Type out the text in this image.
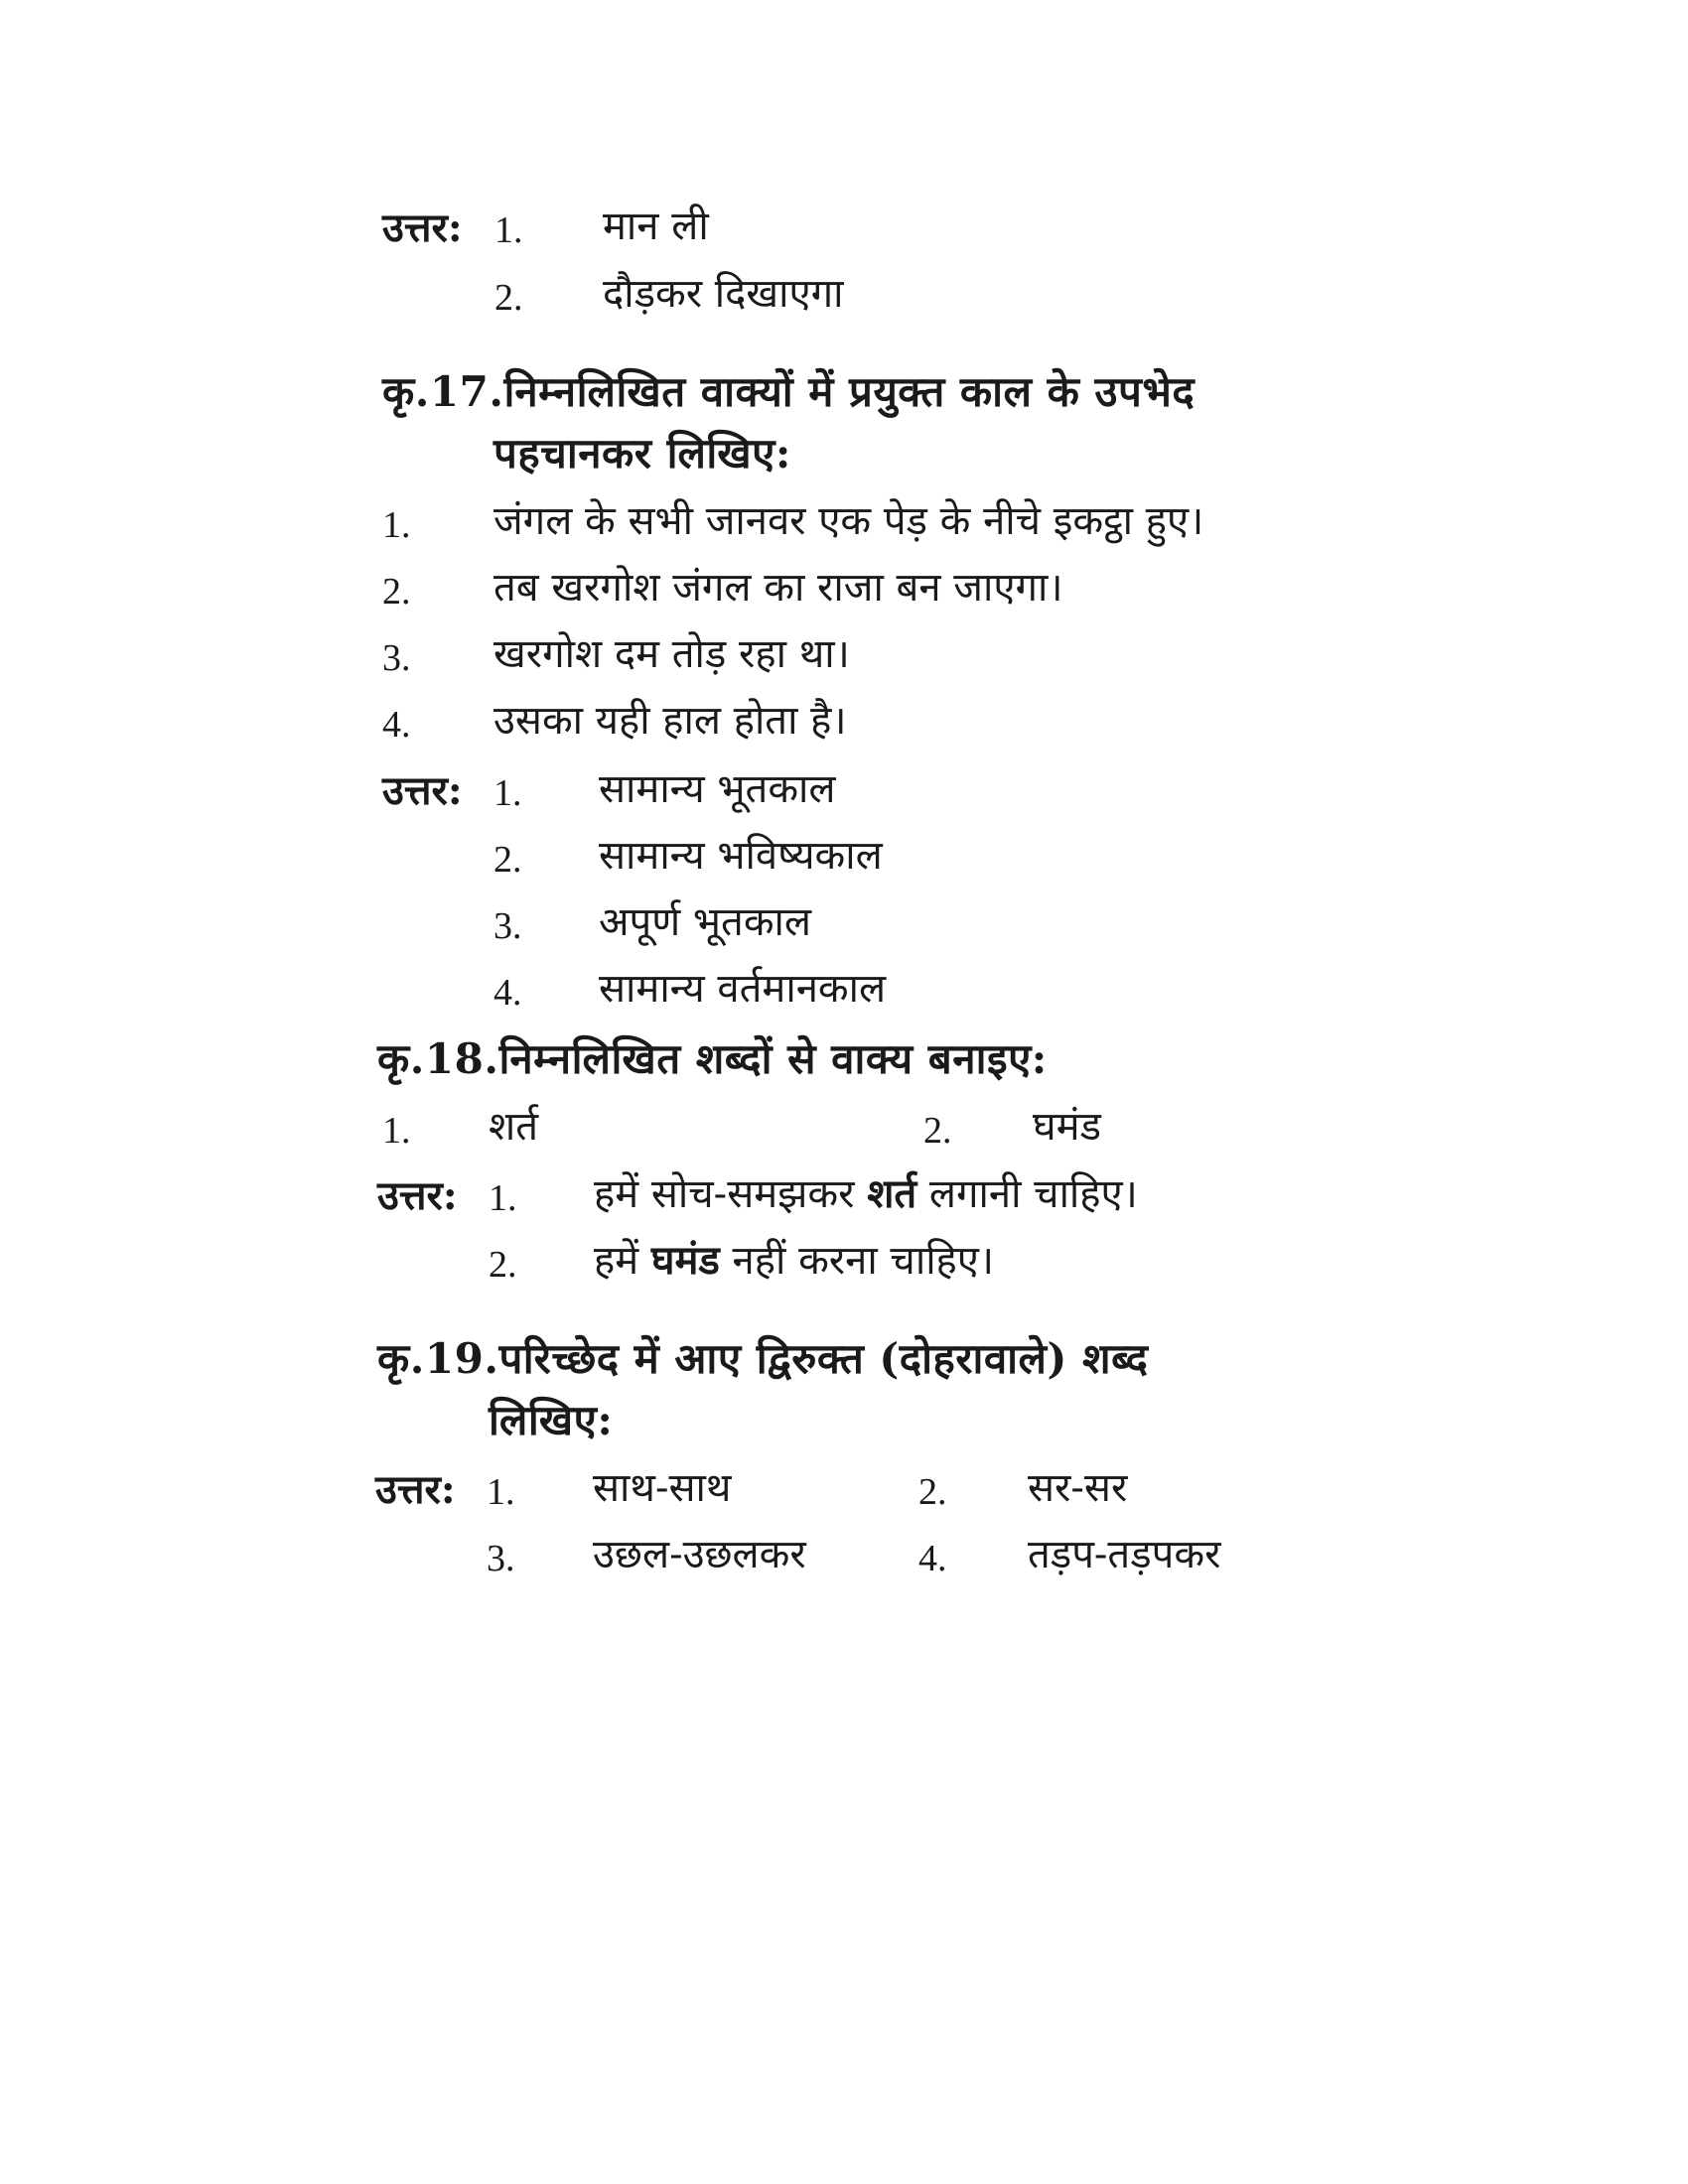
उत्तर: 1. मान ली
2. दौड़कर दिखाएगा
कृ.17.निम्नलिखित वाक्यों में प्रयुक्त काल के उपभेद
पहचानकर लिखिए:
1. जंगल के सभी जानवर एक पेड़ के नीचे इकट्ठा हुए।
2. तब खरगोश जंगल का राजा बन जाएगा।
3. खरगोश दम तोड़ रहा था।
4. उसका यही हाल होता है।
उत्तर: 1. सामान्य भूतकाल
2. सामान्य भविष्यकाल
3. अपूर्ण भूतकाल
4. सामान्य वर्तमानकाल
कृ.18.निम्नलिखित शब्दों से वाक्य बनाइए:
1. शर्त	2. घमंड
उत्तर: 1. हमें सोच-समझकर शर्त लगानी चाहिए।
2. हमें घमंड नहीं करना चाहिए।
कृ.19.परिच्छेद में आए द्विरुक्त (दोहरावाले) शब्द
लिखिए:
उत्तर: 1. साथ-साथ	2. सर-सर
3. उछल-उछलकर	4. तड़प-तड़पकर
